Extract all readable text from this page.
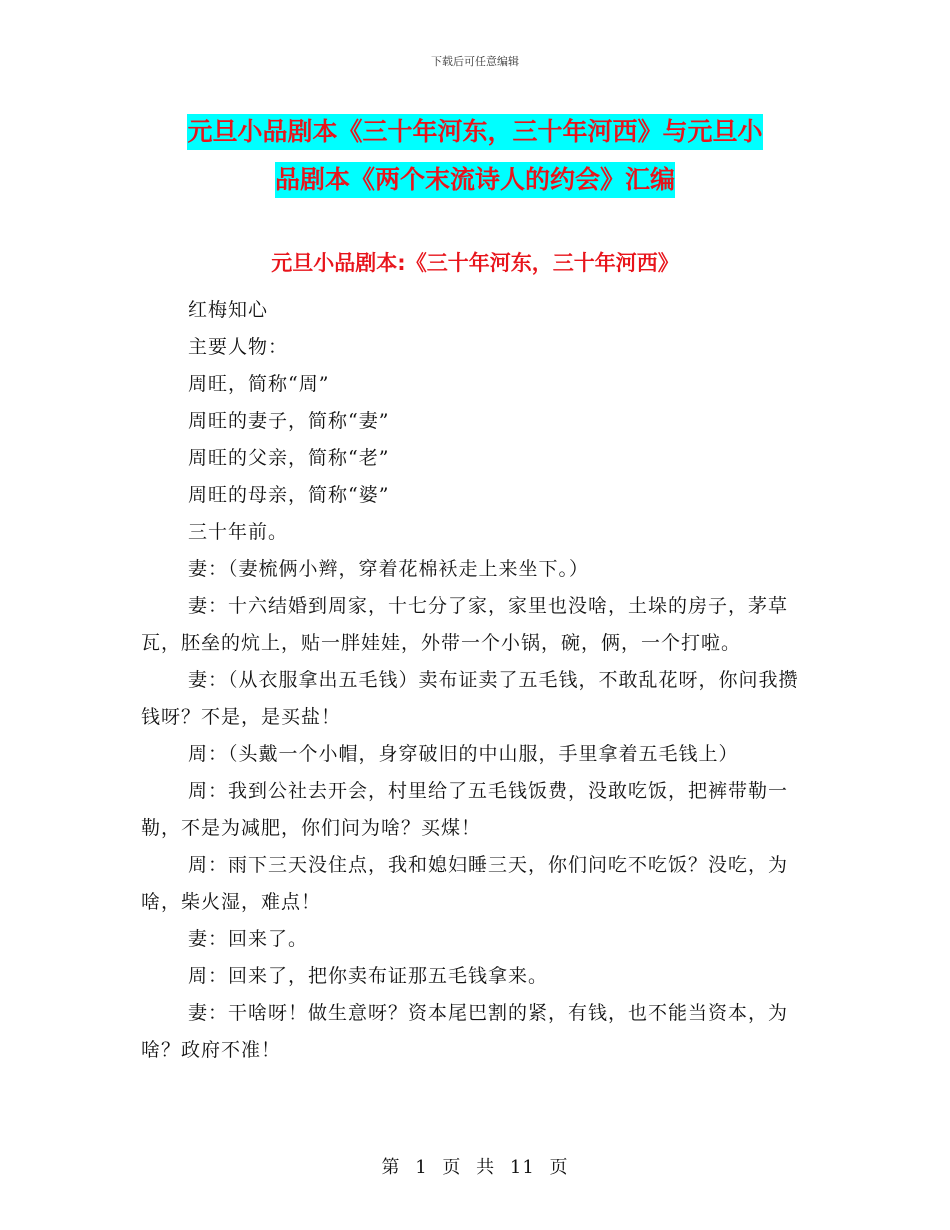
下载后可任意编辑
元旦小品剧本《三十年河东，三十年河西》与元旦小
品剧本《两个末流诗人的约会》汇编
元旦小品剧本:《三十年河东，三十年河西》

红梅知心

主要人物：

周旺，简称“周”

周旺的妻子，简称“妻”

周旺的父亲，简称“老”

周旺的母亲，简称“婆”

三十年前。

妻：（妻梳俩小辫，穿着花棉袄走上来坐下。）

妻：十六结婚到周家，十七分了家，家里也没啥，土垛的房子，茅草瓦，胚垒的炕上，贴一胖娃娃，外带一个小锅，碗，俩，一个打啦。

妻：（从衣服拿出五毛钱）卖布证卖了五毛钱，不敢乱花呀，你问我攒钱呀？不是，是买盐！

周：（头戴一个小帽，身穿破旧的中山服，手里拿着五毛钱上）

周：我到公社去开会，村里给了五毛钱饭费，没敢吃饭，把裤带勒一勒，不是为减肥，你们问为啥？买煤！

周：雨下三天没住点，我和媳妇睡三天，你们问吃不吃饭？没吃，为啥，柴火湿，难点！

妻：回来了。

周：回来了，把你卖布证那五毛钱拿来。

妻：干啥呀！做生意呀？资本尾巴割的紧，有钱，也不能当资本，为啥？政府不准！

第 1 页 共 11 页
